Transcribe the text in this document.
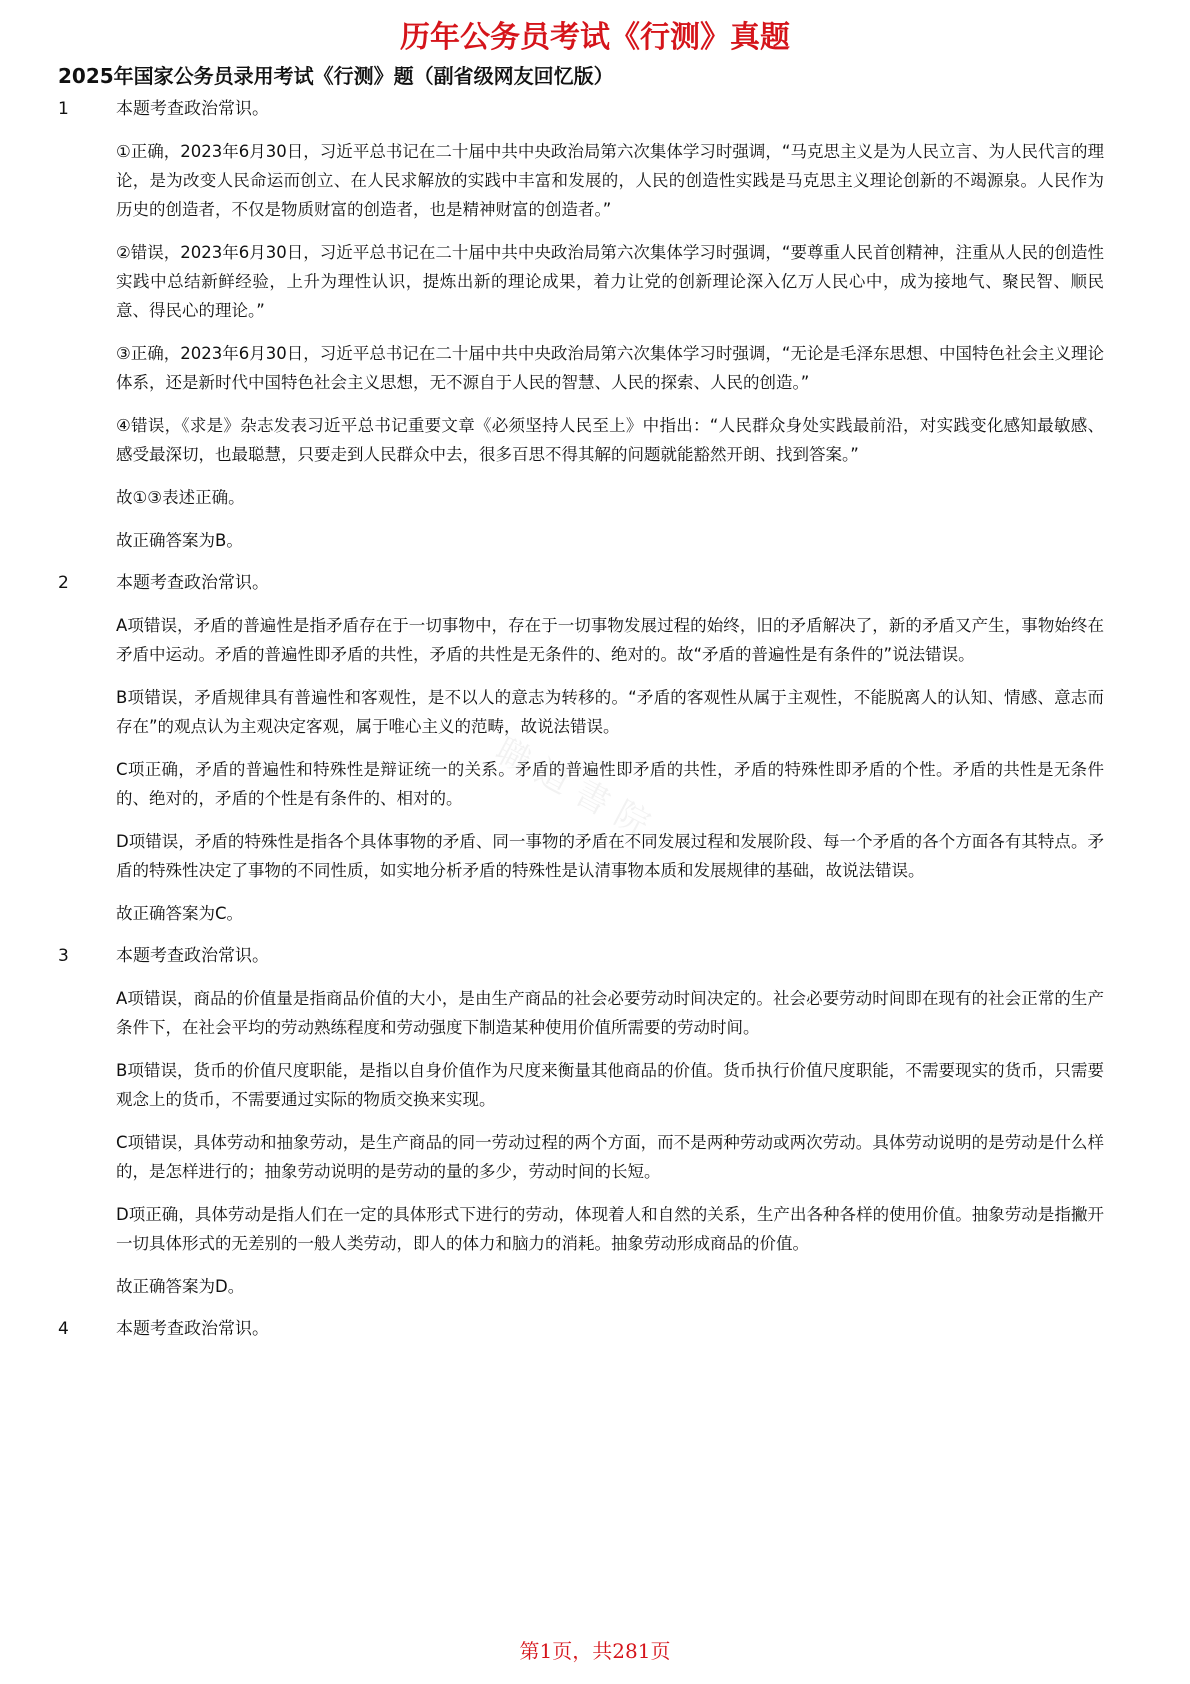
历年公务员考试《行测》真题
2025年国家公务员录用考试《行测》题（副省级网友回忆版）
職 道 書 院
1	本题考查政治常识。

①正确，2023年6月30日，习近平总书记在二十届中共中央政治局第六次集体学习时强调，“马克思主义是为人民立言、为人民代言的理论，是为改变人民命运而创立、在人民求解放的实践中丰富和发展的，人民的创造性实践是马克思主义理论创新的不竭源泉。人民作为历史的创造者，不仅是物质财富的创造者，也是精神财富的创造者。”

②错误，2023年6月30日，习近平总书记在二十届中共中央政治局第六次集体学习时强调，“要尊重人民首创精神，注重从人民的创造性实践中总结新鲜经验，上升为理性认识，提炼出新的理论成果，着力让党的创新理论深入亿万人民心中，成为接地气、聚民智、顺民意、得民心的理论。”

③正确，2023年6月30日，习近平总书记在二十届中共中央政治局第六次集体学习时强调，“无论是毛泽东思想、中国特色社会主义理论体系，还是新时代中国特色社会主义思想，无不源自于人民的智慧、人民的探索、人民的创造。”

④错误，《求是》杂志发表习近平总书记重要文章《必须坚持人民至上》中指出：“人民群众身处实践最前沿，对实践变化感知最敏感、感受最深切，也最聪慧，只要走到人民群众中去，很多百思不得其解的问题就能豁然开朗、找到答案。”

故①③表述正确。

故正确答案为B。

2	本题考查政治常识。

A项错误，矛盾的普遍性是指矛盾存在于一切事物中，存在于一切事物发展过程的始终，旧的矛盾解决了，新的矛盾又产生，事物始终在矛盾中运动。矛盾的普遍性即矛盾的共性，矛盾的共性是无条件的、绝对的。故“矛盾的普遍性是有条件的”说法错误。

B项错误，矛盾规律具有普遍性和客观性，是不以人的意志为转移的。“矛盾的客观性从属于主观性，不能脱离人的认知、情感、意志而存在”的观点认为主观决定客观，属于唯心主义的范畴，故说法错误。

C项正确，矛盾的普遍性和特殊性是辩证统一的关系。矛盾的普遍性即矛盾的共性，矛盾的特殊性即矛盾的个性。矛盾的共性是无条件的、绝对的，矛盾的个性是有条件的、相对的。

D项错误，矛盾的特殊性是指各个具体事物的矛盾、同一事物的矛盾在不同发展过程和发展阶段、每一个矛盾的各个方面各有其特点。矛盾的特殊性决定了事物的不同性质，如实地分析矛盾的特殊性是认清事物本质和发展规律的基础，故说法错误。

故正确答案为C。

3	本题考查政治常识。

A项错误，商品的价值量是指商品价值的大小，是由生产商品的社会必要劳动时间决定的。社会必要劳动时间即在现有的社会正常的生产条件下，在社会平均的劳动熟练程度和劳动强度下制造某种使用价值所需要的劳动时间。

B项错误，货币的价值尺度职能，是指以自身价值作为尺度来衡量其他商品的价值。货币执行价值尺度职能，不需要现实的货币，只需要观念上的货币，不需要通过实际的物质交换来实现。

C项错误，具体劳动和抽象劳动，是生产商品的同一劳动过程的两个方面，而不是两种劳动或两次劳动。具体劳动说明的是劳动是什么样的，是怎样进行的；抽象劳动说明的是劳动的量的多少，劳动时间的长短。

D项正确，具体劳动是指人们在一定的具体形式下进行的劳动，体现着人和自然的关系，生产出各种各样的使用价值。抽象劳动是指撇开一切具体形式的无差别的一般人类劳动，即人的体力和脑力的消耗。抽象劳动形成商品的价值。

故正确答案为D。

4	本题考查政治常识。
第1页，共281页
